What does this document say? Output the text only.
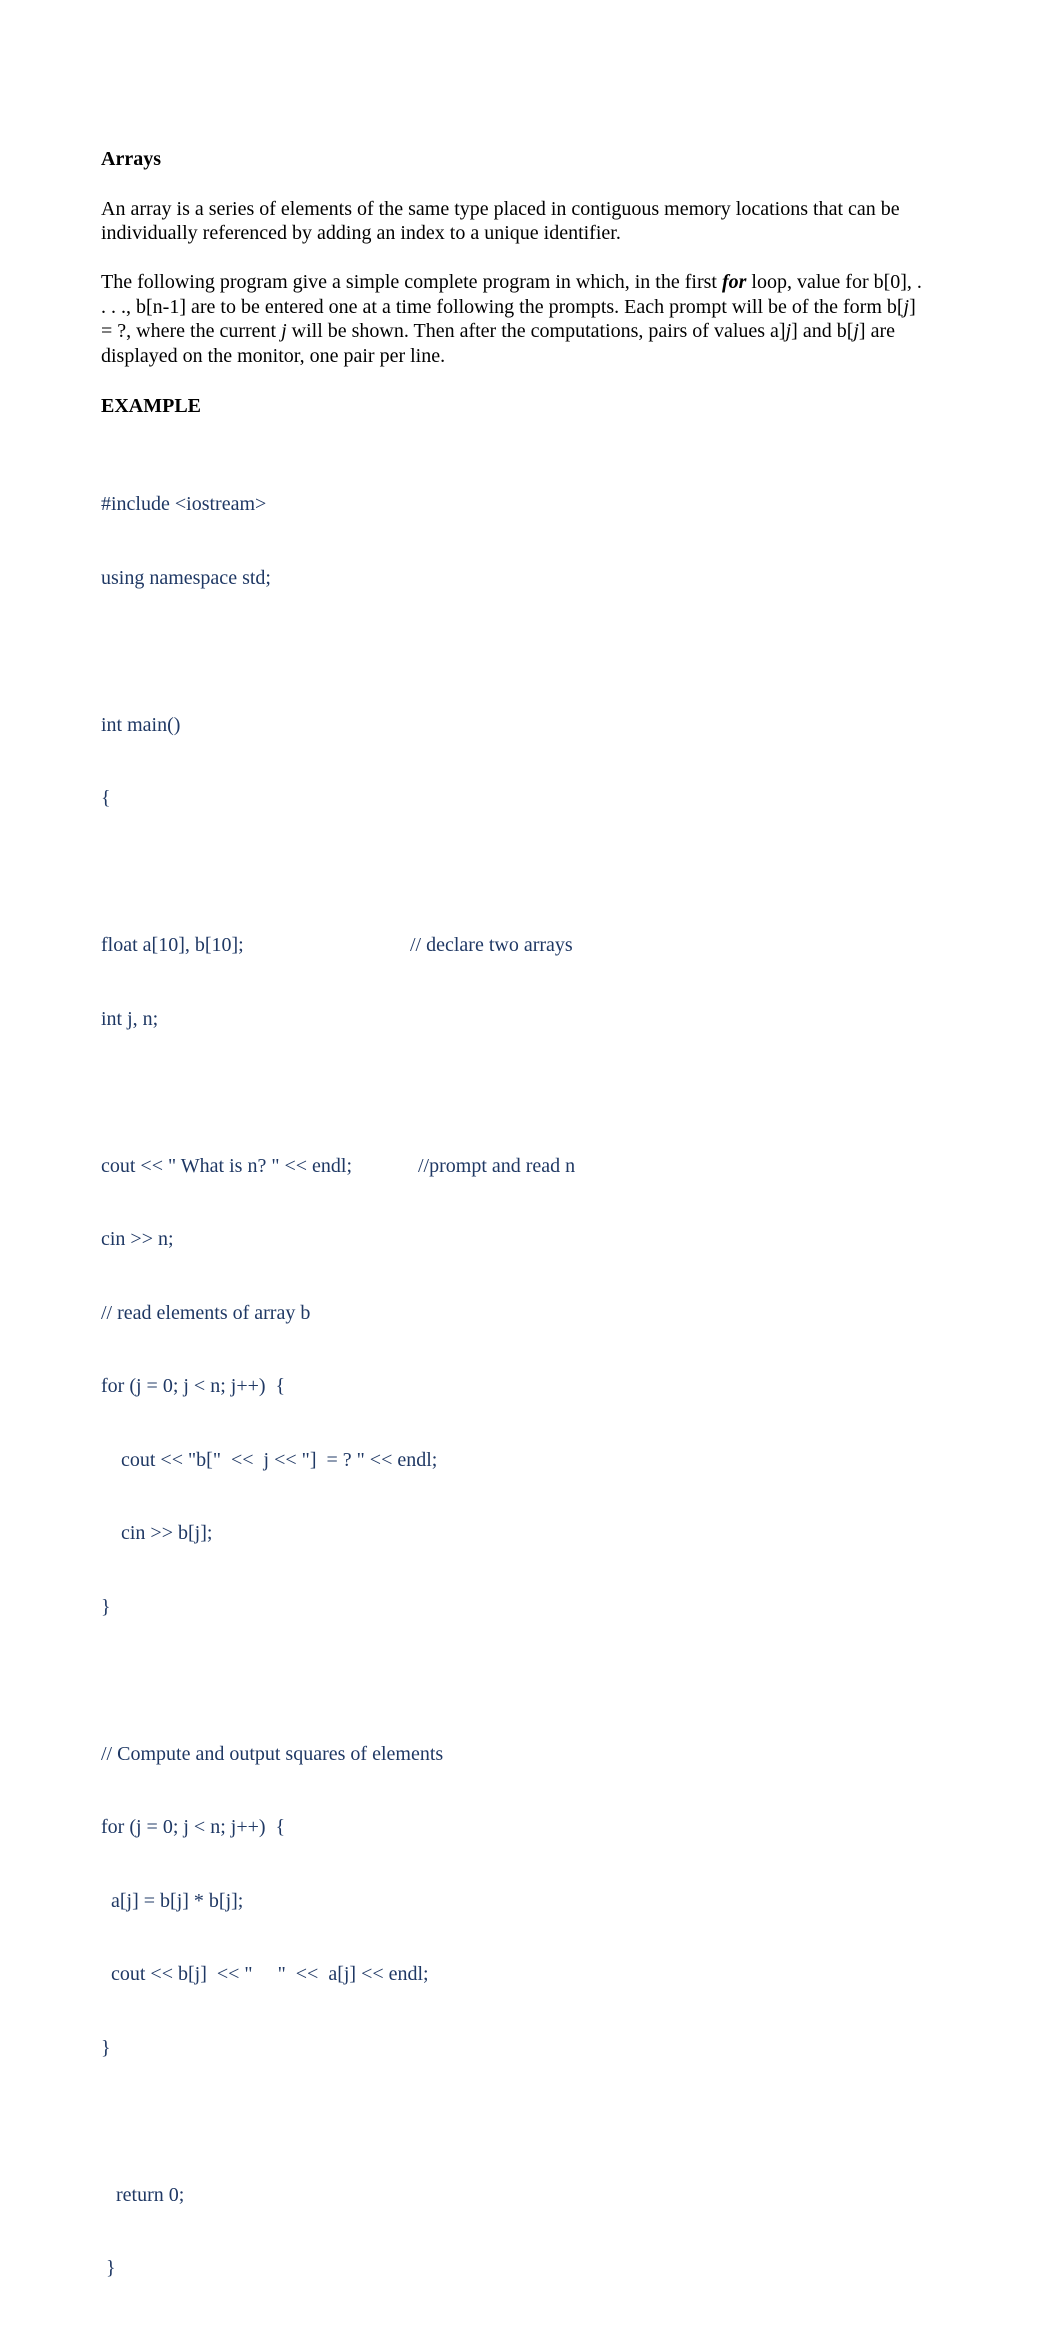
Arrays

An array is a series of elements of the same type placed in contiguous memory locations that can be individually referenced by adding an index to a unique identifier.

The following program give a simple complete program in which, in the first for loop, value for b[0], . . . ., b[n-1] are to be entered one at a time following the prompts. Each prompt will be of the form b[j] = ?, where the current j will be shown. Then after the computations, pairs of values a]j] and b[j] are displayed on the monitor, one pair per line.

EXAMPLE

#include <iostream>

using namespace std;

int main()

{

float a[10], b[10];	// declare two arrays

int j, n;

cout << " What is n? " << endl;	//prompt and read n

cin >> n;

// read elements of array b

for (j = 0; j < n; j++)  {

cout << "b["  <<  j << "]  = ? " << endl;

cin >> b[j];

}

// Compute and output squares of elements

for (j = 0; j < n; j++)  {

a[j] = b[j] * b[j];

cout << b[j]  << "     "  <<  a[j] << endl;

}

return 0;

}
